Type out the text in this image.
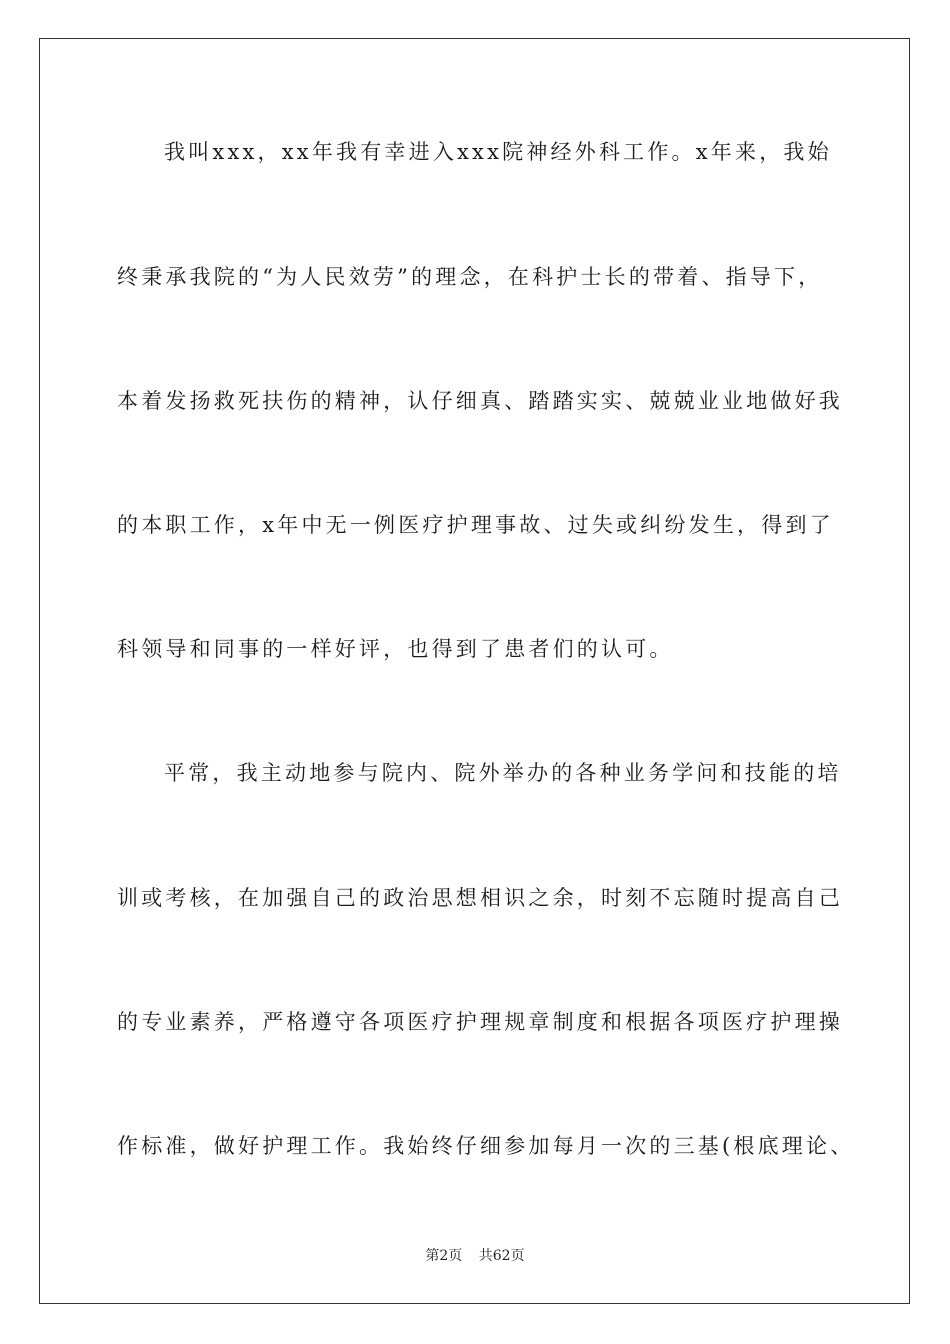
我叫xxx，xx年我有幸进入xxx院神经外科工作。x年来，我始
终秉承我院的“为人民效劳”的理念，在科护士长的带着、指导下，
本着发扬救死扶伤的精神，认仔细真、踏踏实实、兢兢业业地做好我
的本职工作，x年中无一例医疗护理事故、过失或纠纷发生，得到了
科领导和同事的一样好评，也得到了患者们的认可。
平常，我主动地参与院内、院外举办的各种业务学问和技能的培
训或考核，在加强自己的政治思想相识之余，时刻不忘随时提高自己
的专业素养，严格遵守各项医疗护理规章制度和根据各项医疗护理操
作标准，做好护理工作。我始终仔细参加每月一次的三基(根底理论、
第2页 共62页
